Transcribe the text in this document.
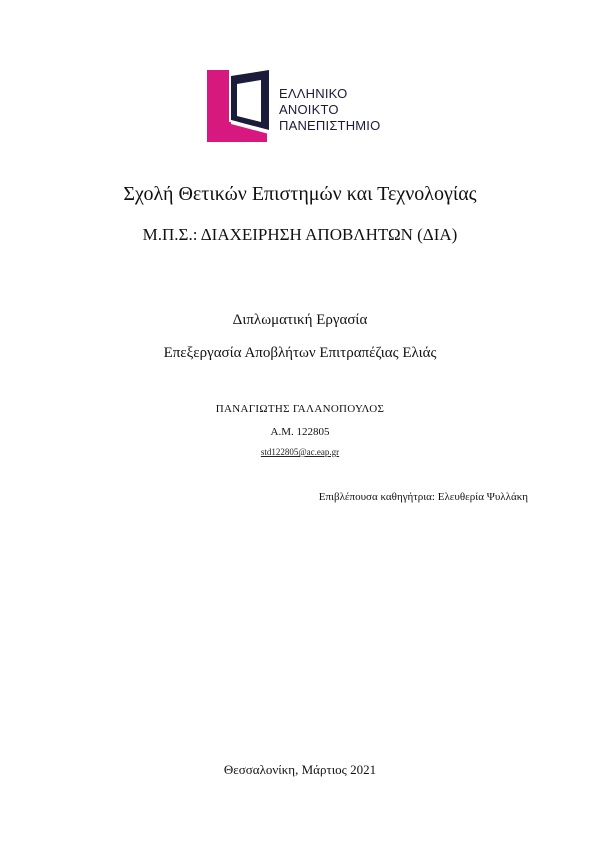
ΕΛΛΗΝΙΚΟ
ΑΝΟΙΚΤΟ
ΠΑΝΕΠΙΣΤΗΜΙΟ
Σχολή Θετικών Επιστημών και Τεχνολογίας
Μ.Π.Σ.: ΔΙΑΧΕΙΡΗΣΗ ΑΠΟΒΛΗΤΩΝ (ΔΙΑ)
Διπλωματική Εργασία
Επεξεργασία Αποβλήτων Επιτραπέζιας Ελιάς
ΠΑΝΑΓΙΩΤΗΣ ΓΑΛΑΝΟΠΟΥΛΟΣ
Α.Μ. 122805
std122805@ac.eap.gr
Επιβλέπουσα καθηγήτρια: Ελευθερία Ψυλλάκη
Θεσσαλονίκη, Μάρτιος 2021
